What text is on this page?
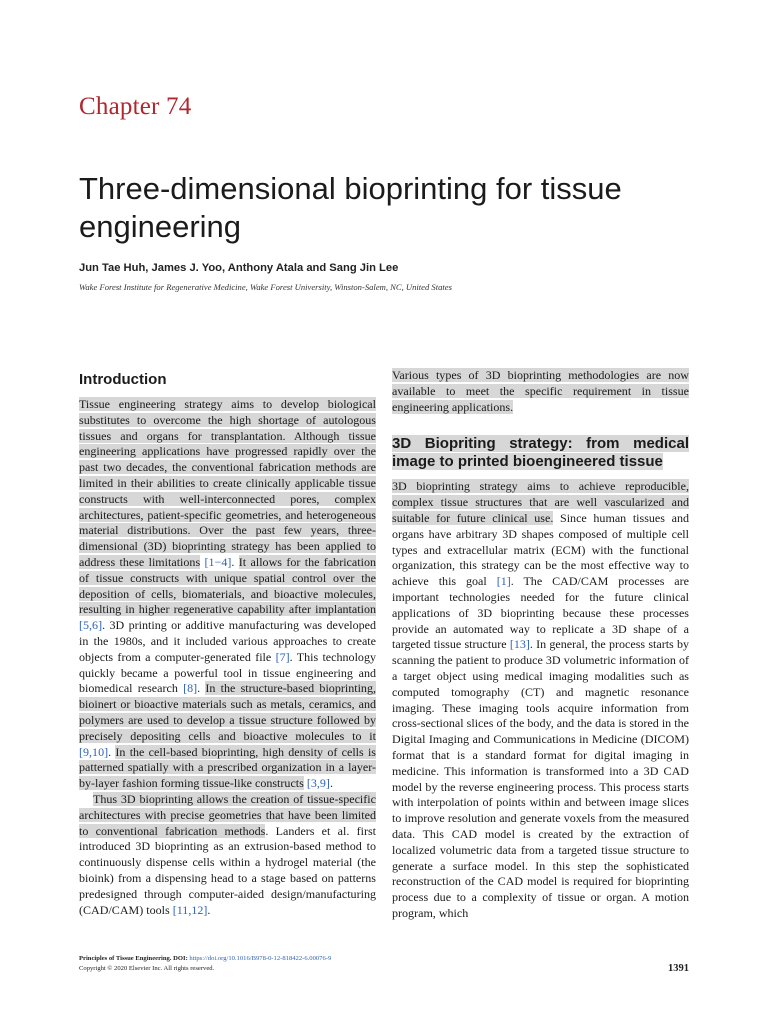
Chapter 74
Three-dimensional bioprinting for tissue engineering
Jun Tae Huh, James J. Yoo, Anthony Atala and Sang Jin Lee
Wake Forest Institute for Regenerative Medicine, Wake Forest University, Winston-Salem, NC, United States
Introduction

Tissue engineering strategy aims to develop biological substitutes to overcome the high shortage of autologous tissues and organs for transplantation. Although tissue engineering applications have progressed rapidly over the past two decades, the conventional fabrication methods are limited in their abilities to create clinically applicable tissue constructs with well-interconnected pores, complex architectures, patient-specific geometries, and heterogeneous material distributions. Over the past few years, three-dimensional (3D) bioprinting strategy has been applied to address these limitations [1−4]. It allows for the fabrication of tissue constructs with unique spatial control over the deposition of cells, biomaterials, and bioactive molecules, resulting in higher regenerative capability after implantation [5,6]. 3D printing or additive manufacturing was developed in the 1980s, and it included various approaches to create objects from a computer-generated file [7]. This technology quickly became a powerful tool in tissue engineering and biomedical research [8]. In the structure-based bioprinting, bioinert or bioactive materials such as metals, ceramics, and polymers are used to develop a tissue structure followed by precisely depositing cells and bioactive molecules to it [9,10]. In the cell-based bioprinting, high density of cells is patterned spatially with a prescribed organization in a layer-by-layer fashion forming tissue-like constructs [3,9].

Thus 3D bioprinting allows the creation of tissue-specific architectures with precise geometries that have been limited to conventional fabrication methods. Landers et al. first introduced 3D bioprinting as an extrusion-based method to continuously dispense cells within a hydrogel material (the bioink) from a dispensing head to a stage based on patterns predesigned through computer-aided design/manufacturing (CAD/CAM) tools [11,12].

Various types of 3D bioprinting methodologies are now available to meet the specific requirement in tissue engineering applications.

3D Biopriting strategy: from medical image to printed bioengineered tissue

3D bioprinting strategy aims to achieve reproducible, complex tissue structures that are well vascularized and suitable for future clinical use. Since human tissues and organs have arbitrary 3D shapes composed of multiple cell types and extracellular matrix (ECM) with the functional organization, this strategy can be the most effective way to achieve this goal [1]. The CAD/CAM processes are important technologies needed for the future clinical applications of 3D bioprinting because these processes provide an automated way to replicate a 3D shape of a targeted tissue structure [13]. In general, the process starts by scanning the patient to produce 3D volumetric information of a target object using medical imaging modalities such as computed tomography (CT) and magnetic resonance imaging. These imaging tools acquire information from cross-sectional slices of the body, and the data is stored in the Digital Imaging and Communications in Medicine (DICOM) format that is a standard format for digital imaging in medicine. This information is transformed into a 3D CAD model by the reverse engineering process. This process starts with interpolation of points within and between image slices to improve resolution and generate voxels from the measured data. This CAD model is created by the extraction of localized volumetric data from a targeted tissue structure to generate a surface model. In this step the sophisticated reconstruction of the CAD model is required for bioprinting process due to a complexity of tissue or organ. A motion program, which

Principles of Tissue Engineering. DOI: https://doi.org/10.1016/B978-0-12-818422-6.00076-9
Copyright © 2020 Elsevier Inc. All rights reserved.	1391
